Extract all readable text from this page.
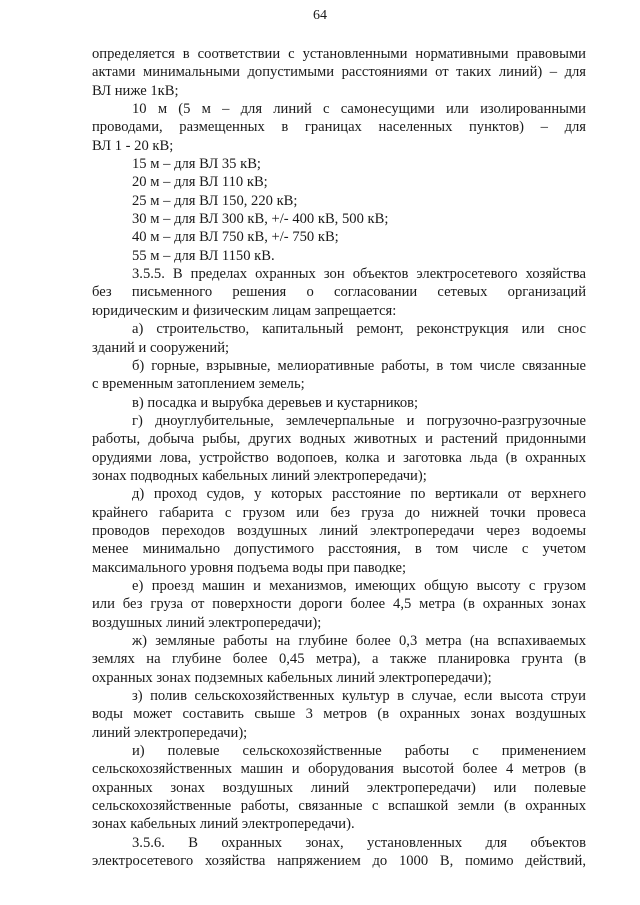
64
определяется в соответствии с установленными нормативными правовыми
актами минимальными допустимыми расстояниями от таких линий) – для
ВЛ ниже 1кВ;
10 м (5 м – для линий с самонесущими или изолированными
проводами, размещенных в границах населенных пунктов) – для
ВЛ 1 - 20 кВ;
15 м – для ВЛ 35 кВ;
20 м – для ВЛ 110 кВ;
25 м – для ВЛ 150, 220 кВ;
30 м – для ВЛ 300 кВ, +/- 400 кВ, 500 кВ;
40 м – для ВЛ 750 кВ, +/- 750 кВ;
55 м – для ВЛ 1150 кВ.
3.5.5. В пределах охранных зон объектов электросетевого хозяйства
без письменного решения о согласовании сетевых организаций
юридическим и физическим лицам запрещается:
а) строительство, капитальный ремонт, реконструкция или снос
зданий и сооружений;
б) горные, взрывные, мелиоративные работы, в том числе связанные
с временным затоплением земель;
в) посадка и вырубка деревьев и кустарников;
г) дноуглубительные, землечерпальные и погрузочно-разгрузочные
работы, добыча рыбы, других водных животных и растений придонными
орудиями лова, устройство водопоев, колка и заготовка льда (в охранных
зонах подводных кабельных линий электропередачи);
д) проход судов, у которых расстояние по вертикали от верхнего
крайнего габарита с грузом или без груза до нижней точки провеса
проводов переходов воздушных линий электропередачи через водоемы
менее минимально допустимого расстояния, в том числе с учетом
максимального уровня подъема воды при паводке;
е) проезд машин и механизмов, имеющих общую высоту с грузом
или без груза от поверхности дороги более 4,5 метра (в охранных зонах
воздушных линий электропередачи);
ж) земляные работы на глубине более 0,3 метра (на вспахиваемых
землях на глубине более 0,45 метра), а также планировка грунта (в
охранных зонах подземных кабельных линий электропередачи);
з) полив сельскохозяйственных культур в случае, если высота струи
воды может составить свыше 3 метров (в охранных зонах воздушных
линий электропередачи);
и) полевые сельскохозяйственные работы с применением
сельскохозяйственных машин и оборудования высотой более 4 метров (в
охранных зонах воздушных линий электропередачи) или полевые
сельскохозяйственные работы, связанные с вспашкой земли (в охранных
зонах кабельных линий электропередачи).
3.5.6. В охранных зонах, установленных для объектов
электросетевого хозяйства напряжением до 1000 В, помимо действий,
